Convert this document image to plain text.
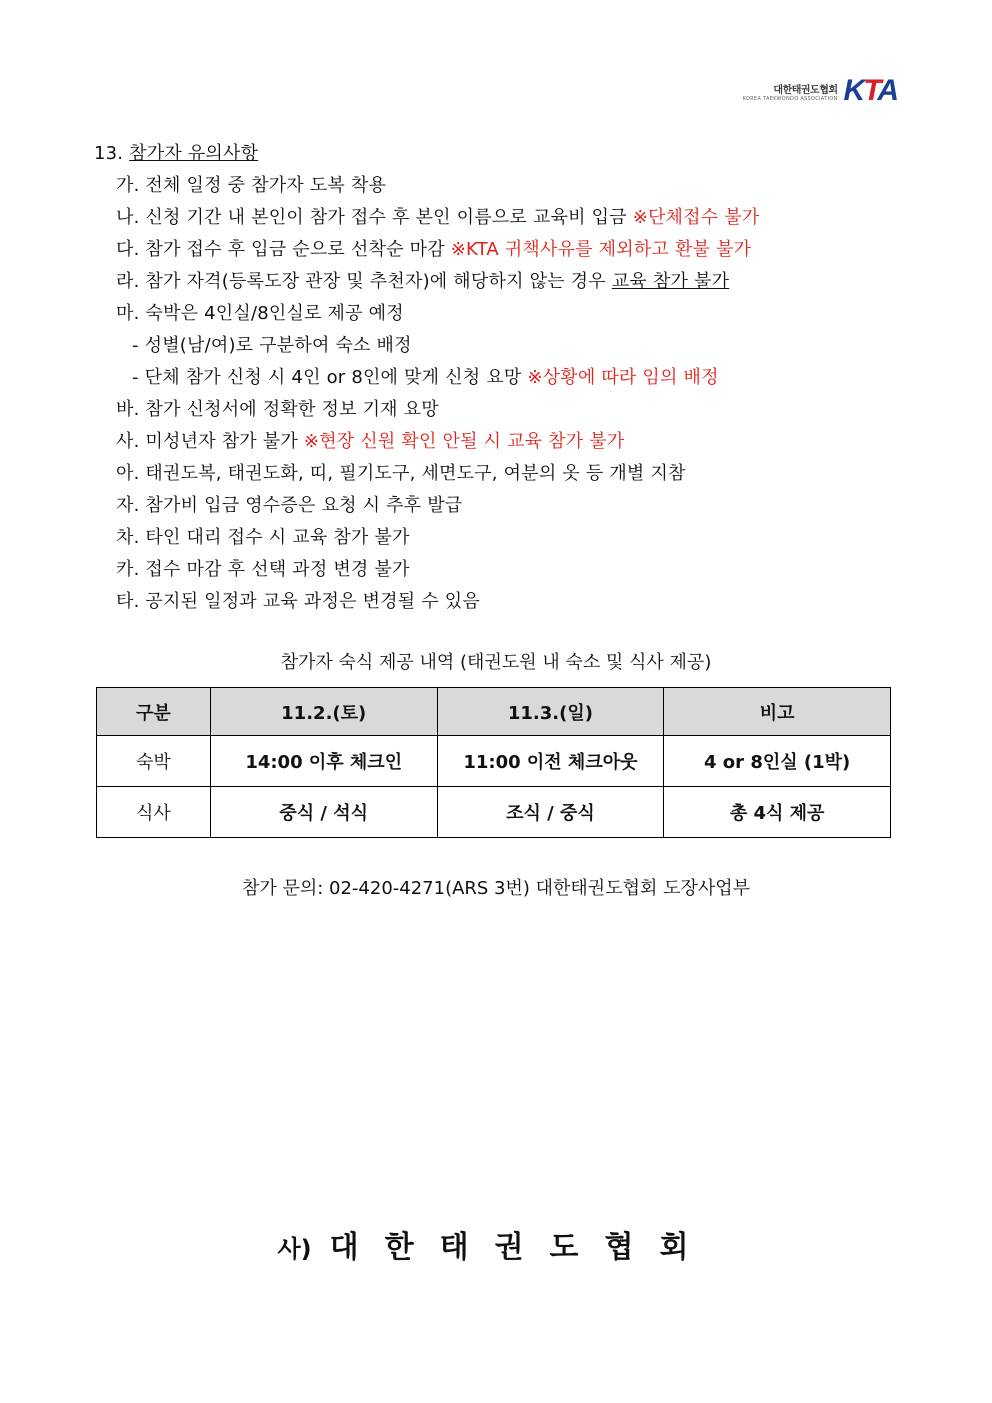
대한태권도협회
KOREA TAEKWONDO ASSOCIATION KTA
13. 참가자 유의사항
가. 전체 일정 중 참가자 도복 착용
나. 신청 기간 내 본인이 참가 접수 후 본인 이름으로 교육비 입금 ※단체접수 불가
다. 참가 접수 후 입금 순으로 선착순 마감 ※KTA 귀책사유를 제외하고 환불 불가
라. 참가 자격(등록도장 관장 및 추천자)에 해당하지 않는 경우 교육 참가 불가
마. 숙박은 4인실/8인실로 제공 예정
- 성별(남/여)로 구분하여 숙소 배정
- 단체 참가 신청 시 4인 or 8인에 맞게 신청 요망 ※상황에 따라 임의 배정
바. 참가 신청서에 정확한 정보 기재 요망
사. 미성년자 참가 불가 ※현장 신원 확인 안될 시 교육 참가 불가
아. 태권도복, 태권도화, 띠, 필기도구, 세면도구, 여분의 옷 등 개별 지참
자. 참가비 입금 영수증은 요청 시 추후 발급
차. 타인 대리 접수 시 교육 참가 불가
카. 접수 마감 후 선택 과정 변경 불가
타. 공지된 일정과 교육 과정은 변경될 수 있음
참가자 숙식 제공 내역 (태권도원 내 숙소 및 식사 제공)
구분	11.2.(토)	11.3.(일)	비고
숙박	14:00 이후 체크인	11:00 이전 체크아웃	4 or 8인실 (1박)
식사	중식 / 석식	조식 / 중식	총 4식 제공
참가 문의: 02-420-4271(ARS 3번) 대한태권도협회 도장사업부
사) 대한태권도협회
